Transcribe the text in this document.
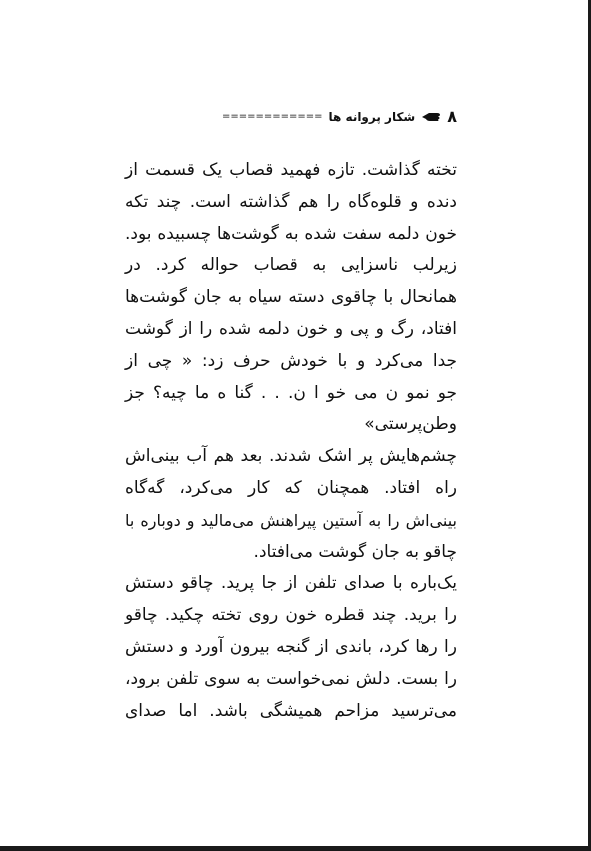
۸
شکار پروانه ها
============
تخته گذاشت. تازه فهمید قصاب یک قسمت از
دنده و قلوه‌گاه را هم گذاشته است. چند تکه
خون دلمه سفت شده به گوشت‌ها چسبیده بود.
زیرلب ناسزایی به قصاب حواله کرد. در
همانحال با چاقوی دسته سیاه به جان گوشت‌ها
افتاد، رگ و پی و خون دلمه شده را از گوشت
جدا می‌کرد و با خودش حرف زد: « چی از
جو نمو ن می خو ا ن. . . گنا ه ما چیه؟ جز
وطن‌پرستی»
چشم‌هایش پر اشک شدند. بعد هم آب بینی‌اش
راه افتاد. همچنان که کار می‌کرد، گه‌گاه
بینی‌اش را به آستین پیراهنش می‌مالید و دوباره با
چاقو به جان گوشت می‌افتاد.
یک‌باره با صدای تلفن از جا پرید. چاقو دستش
را برید. چند قطره خون روی تخته چکید. چاقو
را رها کرد، باندی از گنجه بیرون آورد و دستش
را بست. دلش نمی‌خواست به سوی تلفن برود،
می‌ترسید مزاحم همیشگی باشد. اما صدای
